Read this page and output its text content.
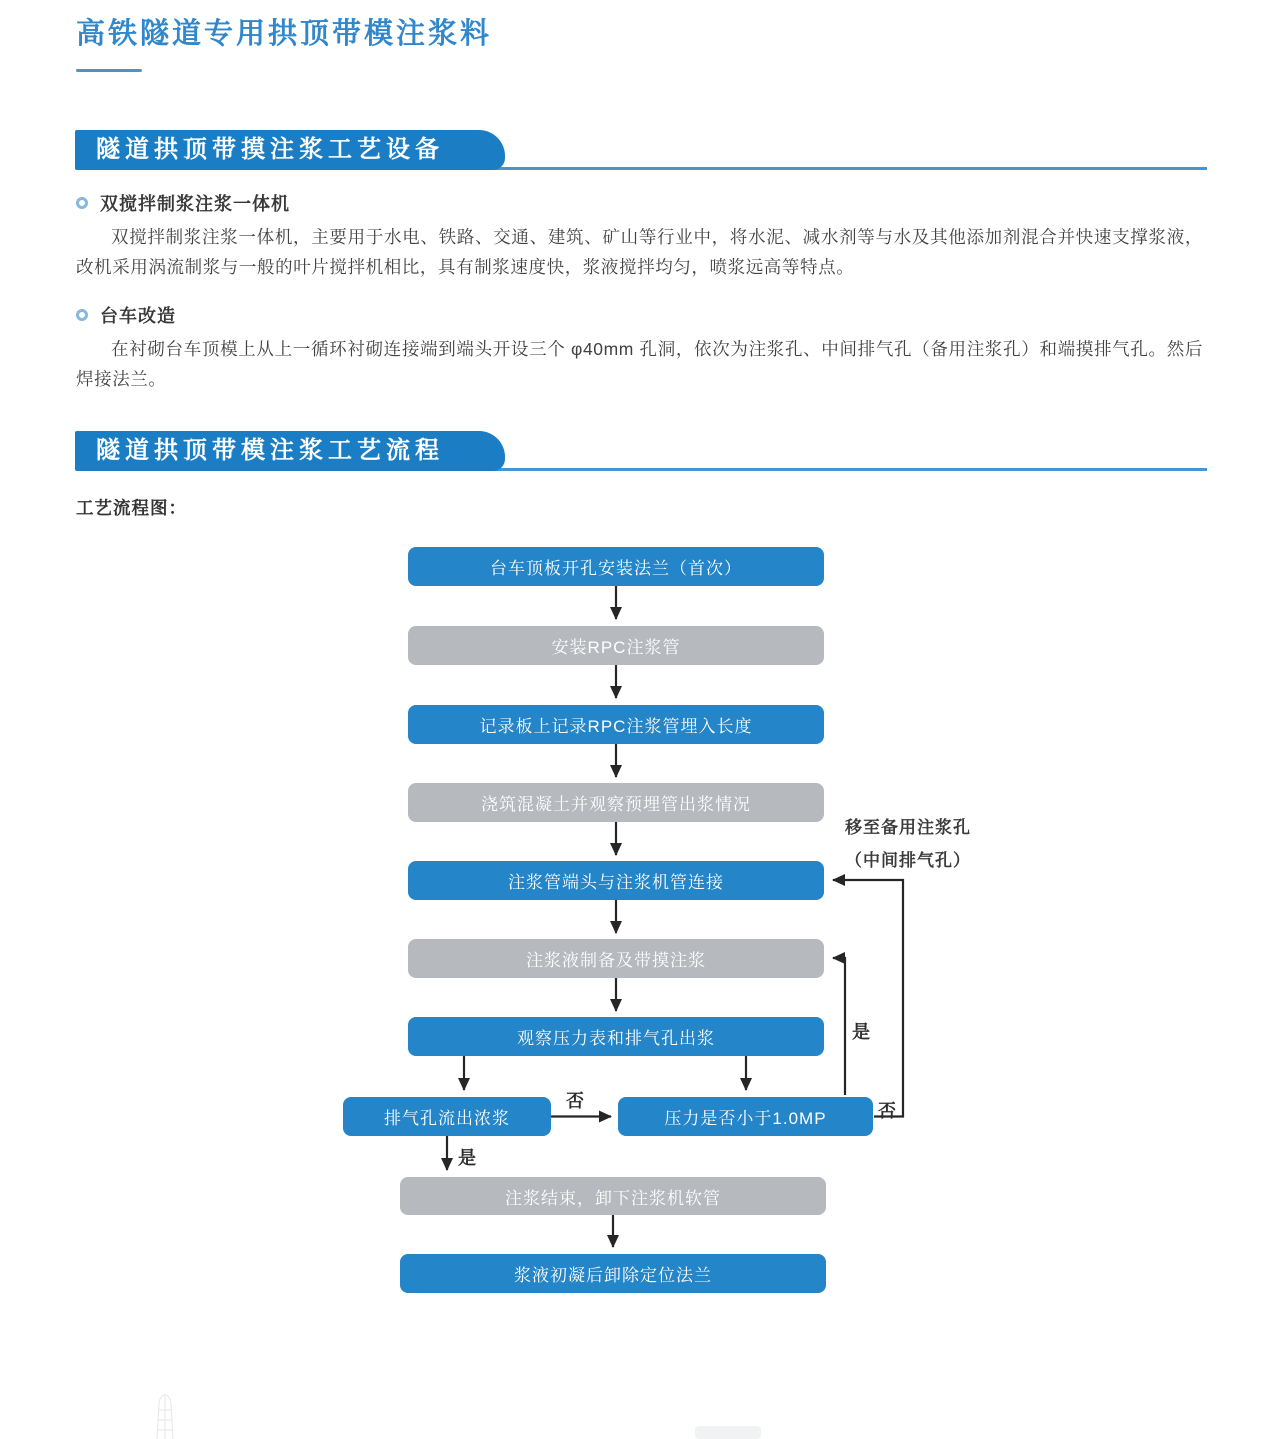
高铁隧道专用拱顶带模注浆料
隧道拱顶带摸注浆工艺设备
双搅拌制浆注浆一体机

双搅拌制浆注浆一体机，主要用于水电、铁路、交通、建筑、矿山等行业中，将水泥、减水剂等与水及其他添加剂混合并快速支撑浆液，改机采用涡流制浆与一般的叶片搅拌机相比，具有制浆速度快，浆液搅拌均匀，喷浆远高等特点。

台车改造

在衬砌台车顶模上从上一循环衬砌连接端到端头开设三个 φ40mm 孔洞，依次为注浆孔、中间排气孔（备用注浆孔）和端摸排气孔。然后焊接法兰。

隧道拱顶带模注浆工艺流程
工艺流程图：
台车顶板开孔安装法兰（首次）
安装RPC注浆管
记录板上记录RPC注浆管埋入长度
浇筑混凝土并观察预埋管出浆情况
注浆管端头与注浆机管连接
注浆液制备及带摸注浆
观察压力表和排气孔出浆
排气孔流出浓浆	压力是否小于1.0MP
注浆结束，卸下注浆机软管
浆液初凝后卸除定位法兰
否
是
是
否
移至备用注浆孔
（中间排气孔）
